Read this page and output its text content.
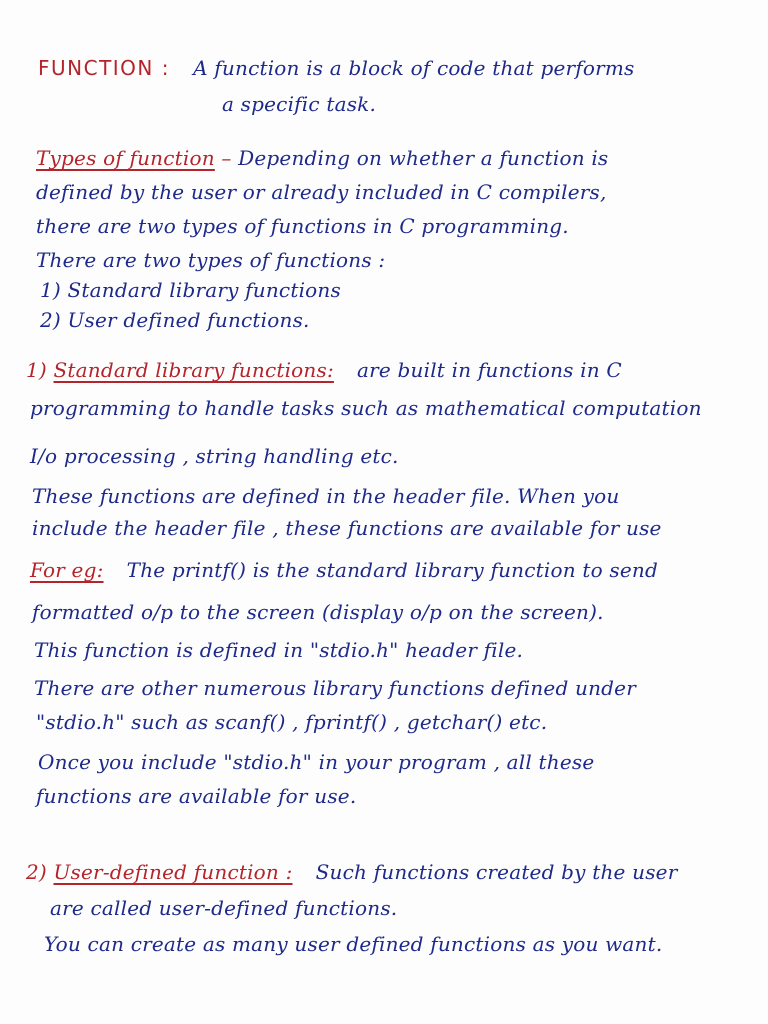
FUNCTION : A function is a block of code that performs
a specific task.
Types of function – Depending on whether a function is
defined by the user or already included in C compilers,
there are two types of functions in C programming.
There are two types of functions :
1) Standard library functions
2) User defined functions.
1) Standard library functions: are built in functions in C
programming to handle tasks such as mathematical computation
I/o processing , string handling etc.
These functions are defined in the header file. When you
include the header file , these functions are available for use
For eg: The printf() is the standard library function to send
formatted o/p to the screen (display o/p on the screen).
This function is defined in "stdio.h" header file.
There are other numerous library functions defined under
"stdio.h" such as scanf() , fprintf() , getchar() etc.
Once you include "stdio.h" in your program , all these
functions are available for use.
2) User-defined function : Such functions created by the user
are called user-defined functions.
You can create as many user defined functions as you want.
